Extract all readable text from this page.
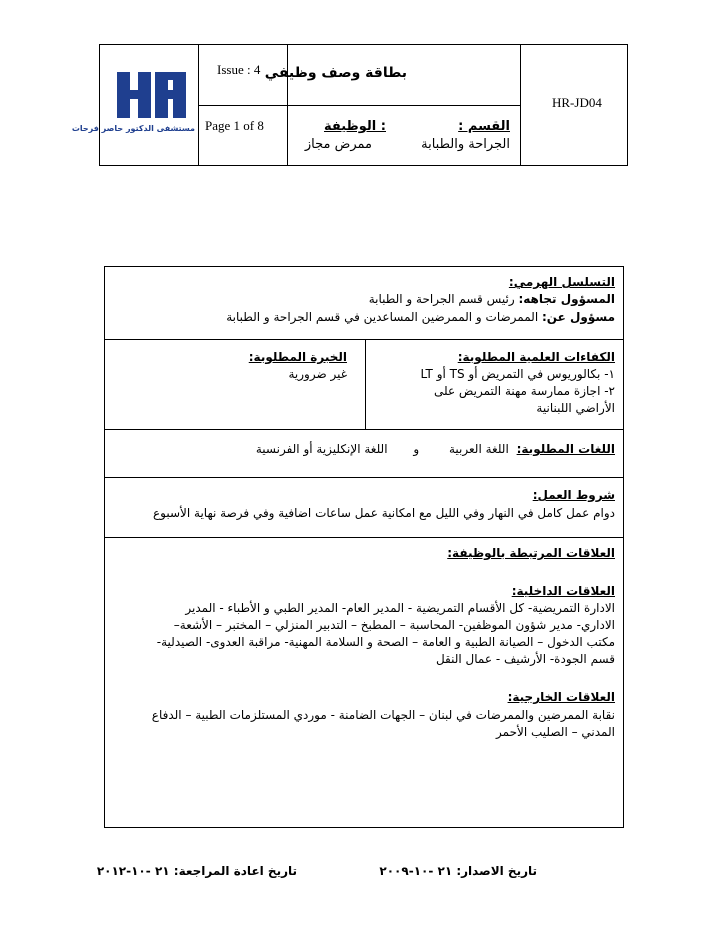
مستشفى الدكتور حاصر فرحات
Issue : 4
Page 1 of 8
بطاقة وصف وظيفي
HR-JD04
: الوظيفة
ممرض مجاز
القسم :
الجراحة والطبابة
التسلسل الهرمي:
المسؤول تجاهه: رئيس قسم الجراحة و الطبابة
مسؤول عن: الممرضات و الممرضين المساعدين في قسم الجراحة و الطبابة
الكفاءات العلمية المطلوبة:
١- بكالوريوس في التمريض أو TS أو LT
٢- اجازة ممارسة مهنة التمريض على
الأراضي اللبنانية
الخبرة المطلوبة:
غير ضرورية
اللغات المطلوبة: اللغة العربية و اللغة الإنكليزية أو الفرنسية
شروط العمل:
دوام عمل كامل في النهار وفي الليل مع امكانية عمل ساعات اضافية وفي فرصة نهاية الأسبوع
العلاقات المرتبطة بالوظيفة:
العلاقات الداخلية:
الادارة التمريضية- كل الأقسام التمريضية - المدير العام- المدير الطبي و الأطباء - المدير
الاداري- مدير شؤون الموظفين- المحاسبة – المطبخ – التدبير المنزلي – المختبر – الأشعة–
مكتب الدخول – الصيانة الطبية و العامة – الصحة و السلامة المهنية- مراقبة العدوى- الصيدلية-
قسم الجودة- الأرشيف - عمال النقل
العلاقات الخارجية:
نقابة الممرضين والممرضات في لبنان – الجهات الضامنة - موردي المستلزمات الطبية – الدفاع
المدني – الصليب الأحمر
تاريخ الاصدار: ٢١ -١٠-٢٠٠٩
تاريخ اعادة المراجعة: ٢١ -١٠-٢٠١٢
